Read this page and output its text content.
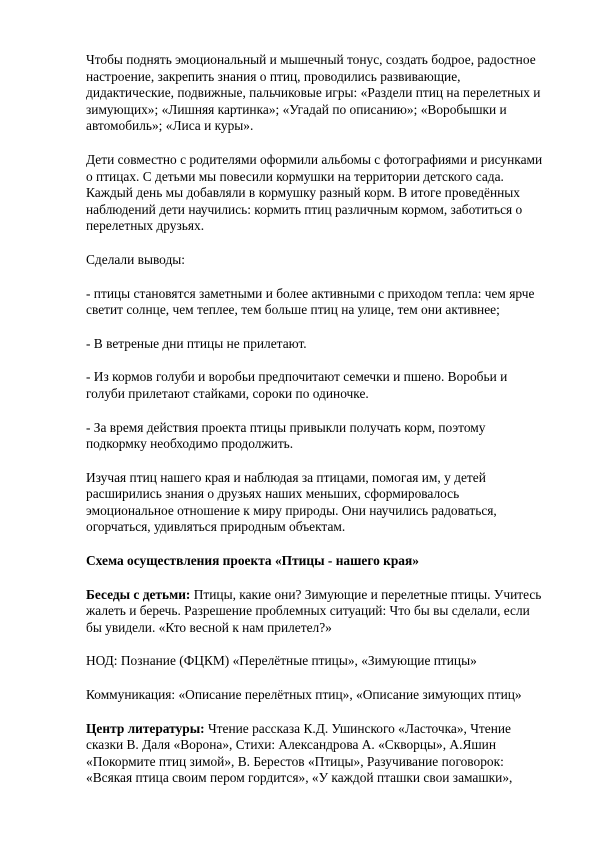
Чтобы поднять эмоциональный и мышечный тонус, создать бодрое, радостное настроение, закрепить знания о птиц, проводились развивающие, дидактические, подвижные, пальчиковые игры: «Раздели птиц на перелетных и зимующих»; «Лишняя картинка»; «Угадай по описанию»; «Воробышки и автомобиль»; «Лиса и куры».

Дети совместно с родителями оформили альбомы с фотографиями и рисунками о птицах. С детьми мы повесили кормушки на территории детского сада. Каждый день мы добавляли в кормушку разный корм. В итоге проведённых наблюдений дети научились: кормить птиц различным кормом, заботиться о перелетных друзьях.

Сделали выводы:

- птицы становятся заметными и более активными с приходом тепла: чем ярче светит солнце, чем теплее, тем больше птиц на улице, тем они активнее;

- В ветреные дни птицы не прилетают.

- Из кормов голуби и воробьи предпочитают семечки и пшено. Воробьи и голуби прилетают стайками, сороки по одиночке.

- За время действия проекта птицы привыкли получать корм, поэтому подкормку необходимо продолжить.

Изучая птиц нашего края и наблюдая за птицами, помогая им, у детей расширились знания о друзьях наших меньших, сформировалось эмоциональное отношение к миру природы. Они научились радоваться, огорчаться, удивляться природным объектам.

Схема осуществления проекта «Птицы - нашего края»

Беседы с детьми: Птицы, какие они? Зимующие и перелетные птицы. Учитесь жалеть и беречь. Разрешение проблемных ситуаций: Что бы вы сделали, если бы увидели. «Кто весной к нам прилетел?»

НОД: Познание (ФЦКМ) «Перелётные птицы», «Зимующие птицы»

Коммуникация: «Описание перелётных птиц», «Описание зимующих птиц»

Центр литературы: Чтение рассказа К.Д. Ушинского «Ласточка», Чтение сказки В. Даля «Ворона», Стихи: Александрова А. «Скворцы», А.Яшин «Покормите птиц зимой», В. Берестов «Птицы», Разучивание поговорок: «Всякая птица своим пером гордится», «У каждой пташки свои замашки»,
